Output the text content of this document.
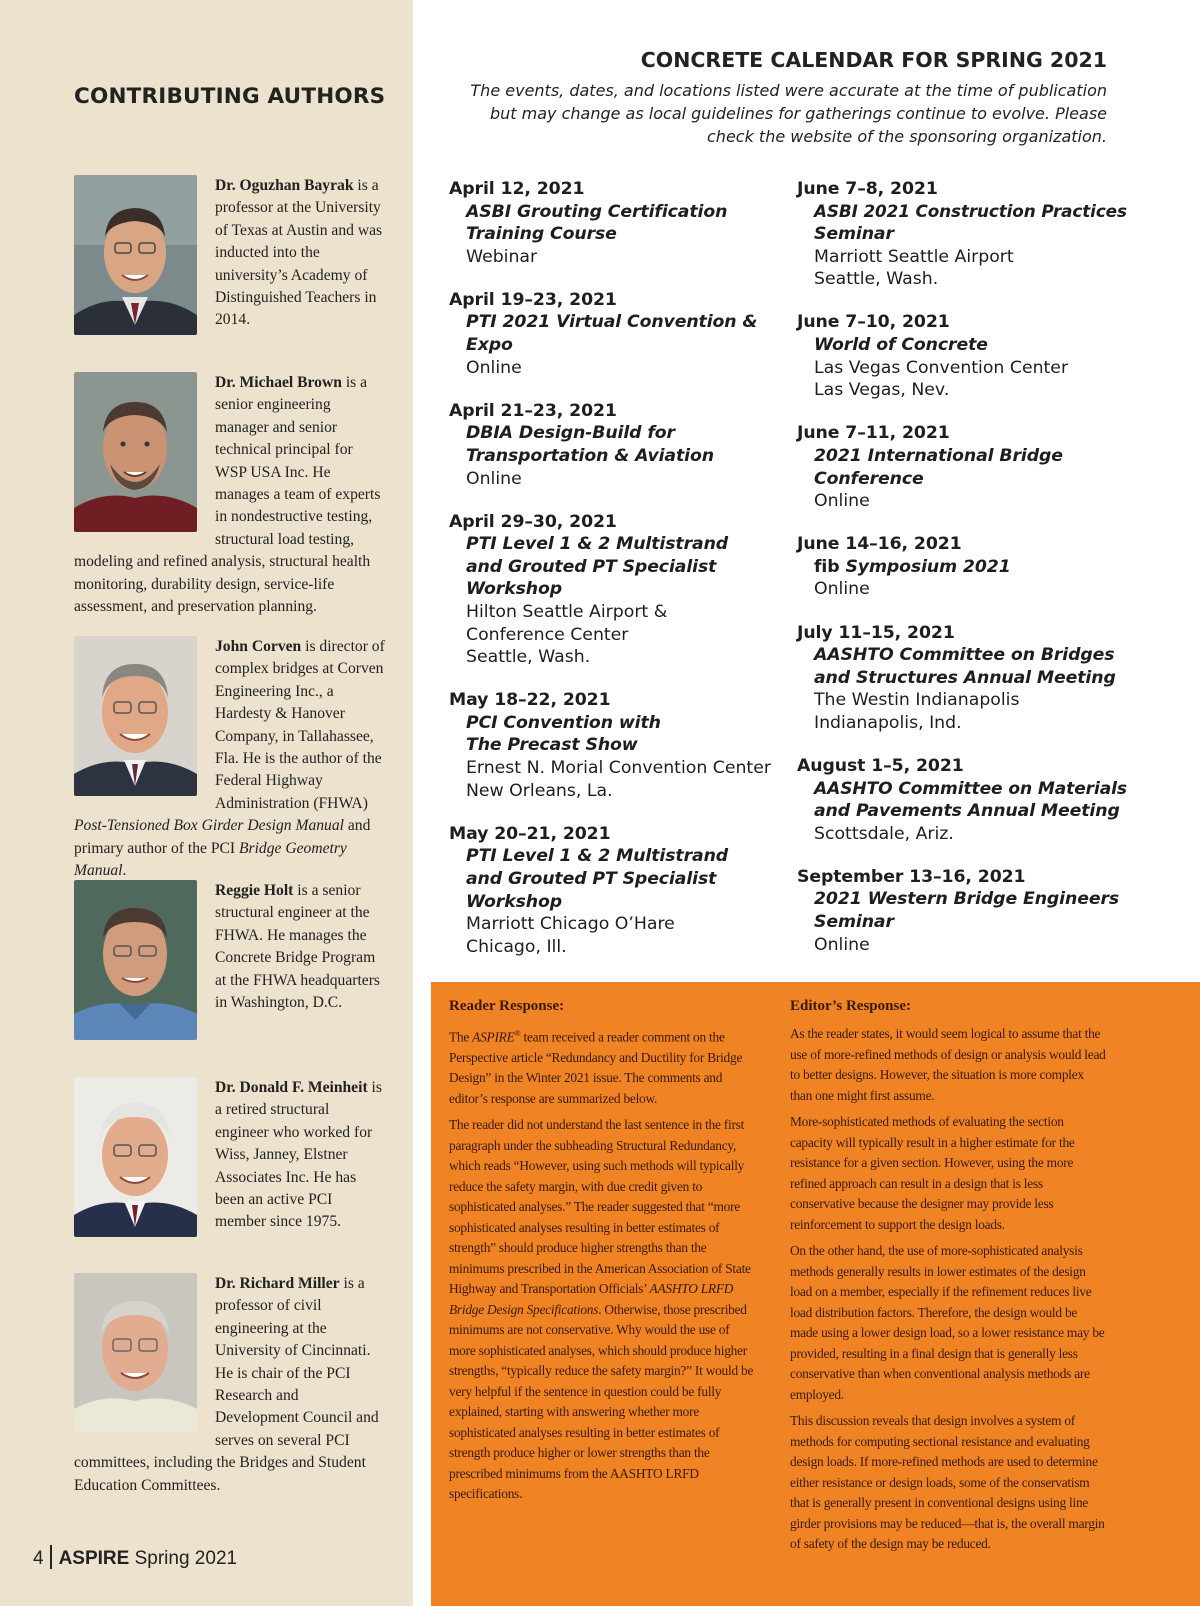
CONTRIBUTING AUTHORS

Dr. Oguzhan Bayrak is a professor at the University of Texas at Austin and was inducted into the university’s Academy of Distinguished Teachers in 2014.

Dr. Michael Brown is a senior engineering manager and senior technical principal for WSP USA Inc. He manages a team of experts in nondestructive testing, structural load testing, modeling and refined analysis, structural health monitoring, durability design, service-life assessment, and preservation planning.

John Corven is director of complex bridges at Corven Engineering Inc., a Hardesty & Hanover Company, in Tallahassee, Fla. He is the author of the Federal Highway Administration (FHWA) Post-Tensioned Box Girder Design Manual and primary author of the PCI Bridge Geometry Manual.

Reggie Holt is a senior structural engineer at the FHWA. He manages the Concrete Bridge Program at the FHWA headquarters in Washington, D.C.

Dr. Donald F. Meinheit is a retired structural engineer who worked for Wiss, Janney, Elstner Associates Inc. He has been an active PCI member since 1975.

Dr. Richard Miller is a professor of civil engineering at the University of Cincinnati. He is chair of the PCI Research and Development Council and serves on several PCI committees, including the Bridges and Student Education Committees.

4 ASPIRE Spring 2021
CONCRETE CALENDAR FOR SPRING 2021

The events, dates, and locations listed were accurate at the time of publication but may change as local guidelines for gatherings continue to evolve. Please check the website of the sponsoring organization.

April 12, 2021
ASBI Grouting Certification
Training Course
Webinar
April 19–23, 2021
PTI 2021 Virtual Convention &
Expo
Online
April 21–23, 2021
DBIA Design-Build for
Transportation & Aviation
Online
April 29–30, 2021
PTI Level 1 & 2 Multistrand
and Grouted PT Specialist
Workshop
Hilton Seattle Airport &
Conference Center
Seattle, Wash.
May 18–22, 2021
PCI Convention with
The Precast Show
Ernest N. Morial Convention Center
New Orleans, La.
May 20–21, 2021
PTI Level 1 & 2 Multistrand
and Grouted PT Specialist
Workshop
Marriott Chicago O’Hare
Chicago, Ill.
June 7–8, 2021
ASBI 2021 Construction Practices
Seminar
Marriott Seattle Airport
Seattle, Wash.
June 7–10, 2021
World of Concrete
Las Vegas Convention Center
Las Vegas, Nev.
June 7–11, 2021
2021 International Bridge
Conference
Online
June 14–16, 2021
fib Symposium 2021
Online
July 11–15, 2021
AASHTO Committee on Bridges
and Structures Annual Meeting
The Westin Indianapolis
Indianapolis, Ind.
August 1–5, 2021
AASHTO Committee on Materials
and Pavements Annual Meeting
Scottsdale, Ariz.
September 13–16, 2021
2021 Western Bridge Engineers
Seminar
Online

Reader Response:

The ASPIRE® team received a reader comment on the Perspective article “Redundancy and Ductility for Bridge Design” in the Winter 2021 issue. The comments and editor’s response are summarized below.

The reader did not understand the last sentence in the first paragraph under the subheading Structural Redundancy, which reads “However, using such methods will typically reduce the safety margin, with due credit given to sophisticated analyses.” The reader suggested that “more sophisticated analyses resulting in better estimates of strength” should produce higher strengths than the minimums prescribed in the American Association of State Highway and Transportation Officials’ AASHTO LRFD Bridge Design Specifications. Otherwise, those prescribed minimums are not conservative. Why would the use of more sophisticated analyses, which should produce higher strengths, “typically reduce the safety margin?” It would be very helpful if the sentence in question could be fully explained, starting with answering whether more sophisticated analyses resulting in better estimates of strength produce higher or lower strengths than the prescribed minimums from the AASHTO LRFD specifications.

Editor’s Response:

As the reader states, it would seem logical to assume that the use of more-refined methods of design or analysis would lead to better designs. However, the situation is more complex than one might first assume.

More-sophisticated methods of evaluating the section capacity will typically result in a higher estimate for the resistance for a given section. However, using the more refined approach can result in a design that is less conservative because the designer may provide less reinforcement to support the design loads.

On the other hand, the use of more-sophisticated analysis methods generally results in lower estimates of the design load on a member, especially if the refinement reduces live load distribution factors. Therefore, the design would be made using a lower design load, so a lower resistance may be provided, resulting in a final design that is generally less conservative than when conventional analysis methods are employed.

This discussion reveals that design involves a system of methods for computing sectional resistance and evaluating design loads. If more-refined methods are used to determine either resistance or design loads, some of the conservatism that is generally present in conventional designs using line girder provisions may be reduced—that is, the overall margin of safety of the design may be reduced.
